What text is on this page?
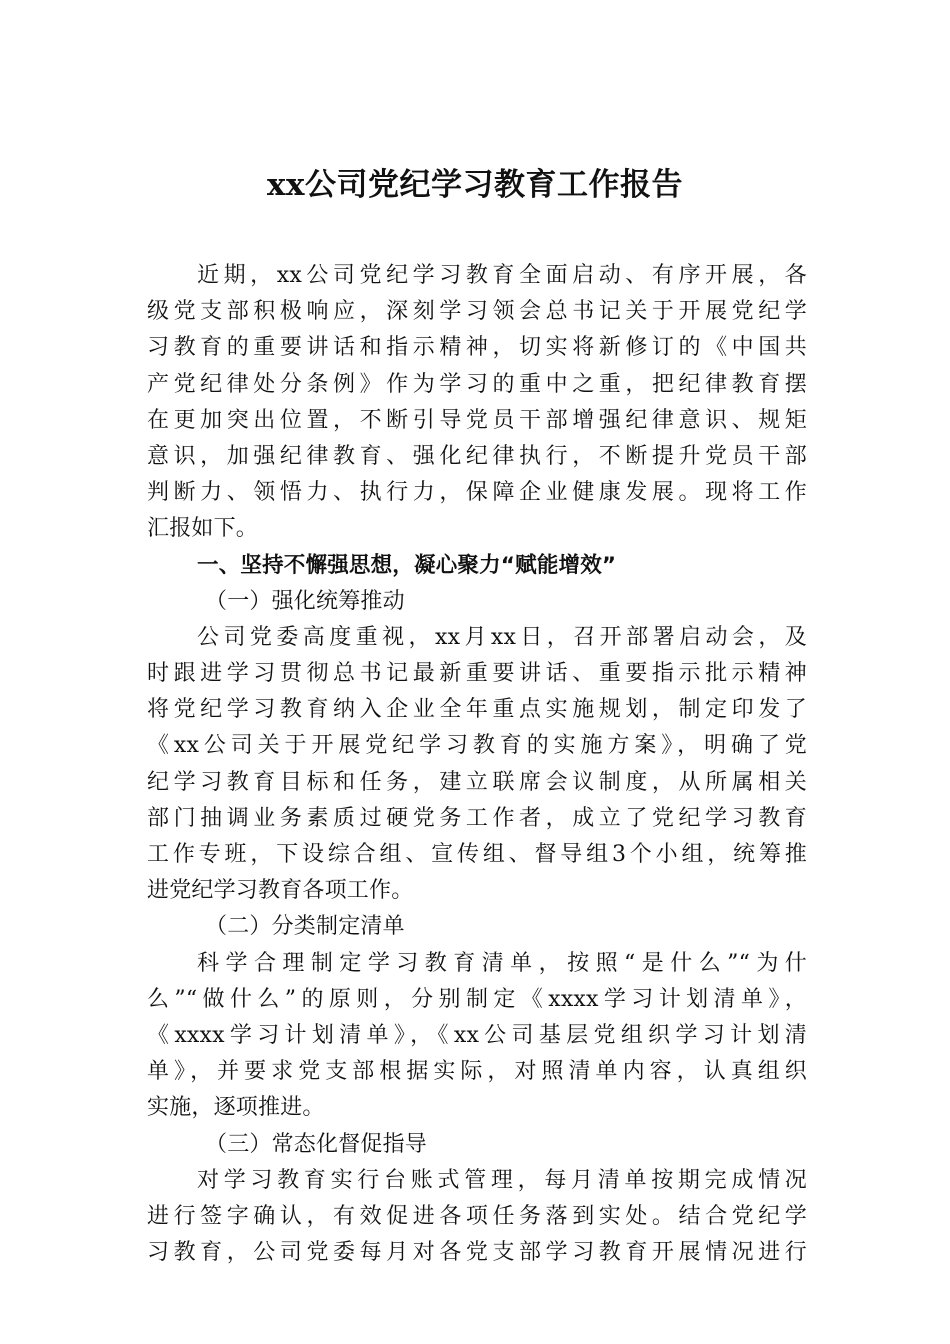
xx公司党纪学习教育工作报告
近期，xx公司党纪学习教育全面启动、有序开展，各
级党支部积极响应，深刻学习领会总书记关于开展党纪学
习教育的重要讲话和指示精神，切实将新修订的《中国共
产党纪律处分条例》作为学习的重中之重，把纪律教育摆
在更加突出位置，不断引导党员干部增强纪律意识、规矩
意识，加强纪律教育、强化纪律执行，不断提升党员干部
判断力、领悟力、执行力，保障企业健康发展。现将工作
汇报如下。
一、坚持不懈强思想，凝心聚力“赋能增效”
（一）强化统筹推动
公司党委高度重视，xx月xx日，召开部署启动会，及
时跟进学习贯彻总书记最新重要讲话、重要指示批示精神
将党纪学习教育纳入企业全年重点实施规划，制定印发了
《xx公司关于开展党纪学习教育的实施方案》，明确了党
纪学习教育目标和任务，建立联席会议制度，从所属相关
部门抽调业务素质过硬党务工作者，成立了党纪学习教育
工作专班，下设综合组、宣传组、督导组3个小组，统筹推
进党纪学习教育各项工作。
（二）分类制定清单
科学合理制定学习教育清单，按照“是什么”“为什
么”“做什么”的原则，分别制定《xxxx学习计划清单》，
《xxxx学习计划清单》，《xx公司基层党组织学习计划清
单》，并要求党支部根据实际，对照清单内容，认真组织
实施，逐项推进。
（三）常态化督促指导
对学习教育实行台账式管理，每月清单按期完成情况
进行签字确认，有效促进各项任务落到实处。结合党纪学
习教育，公司党委每月对各党支部学习教育开展情况进行
